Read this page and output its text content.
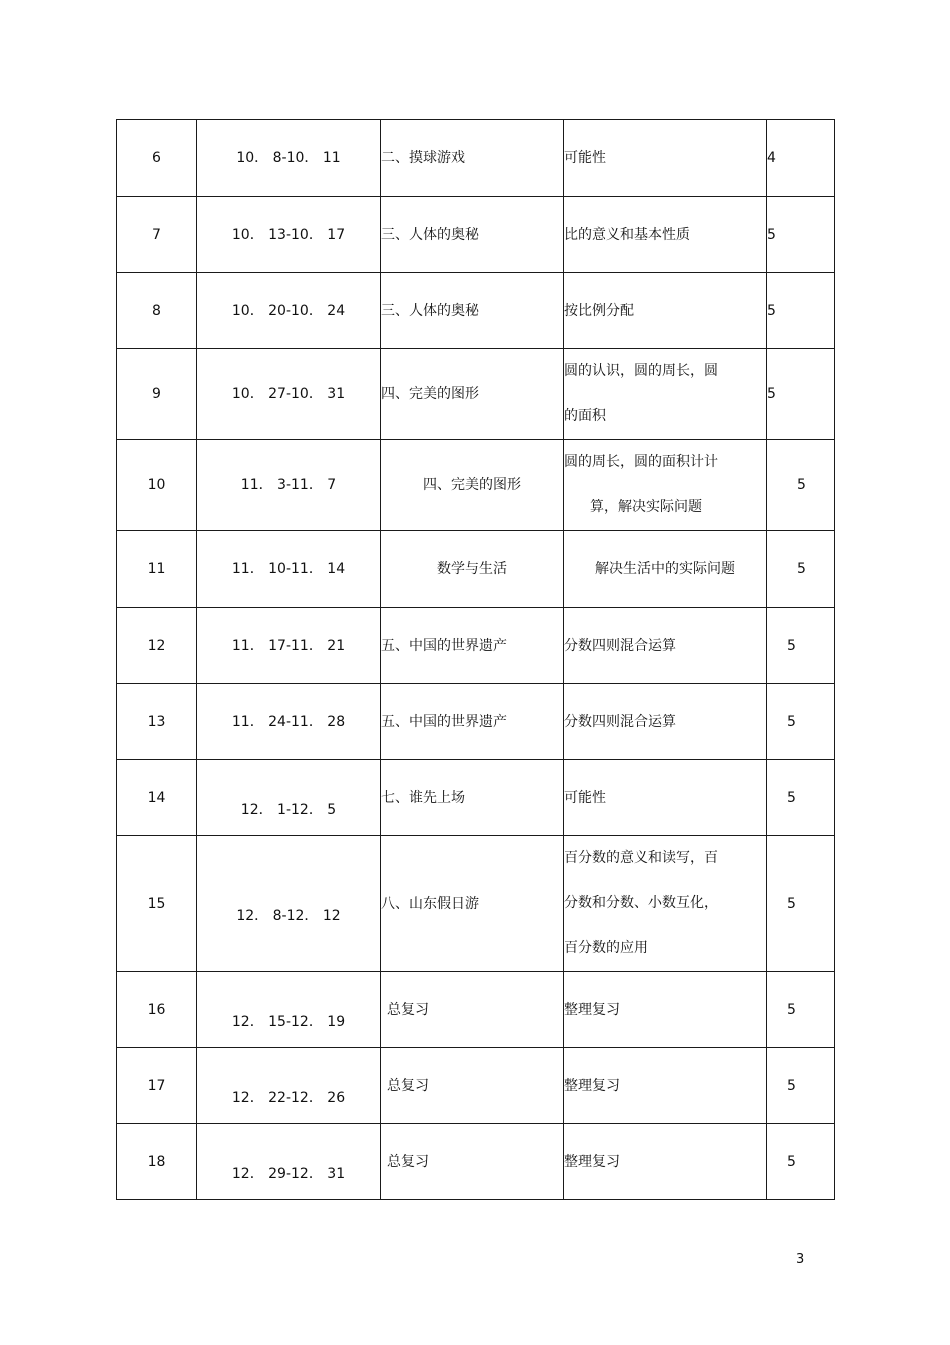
6	10． 8-10． 11	二、摸球游戏	可能性	4
7	10． 13-10． 17	三、人体的奥秘	比的意义和基本性质	5
8	10． 20-10． 24	三、人体的奥秘	按比例分配	5
9	10． 27-10． 31	四、完美的图形	圆的认识，圆的周长，圆
的面积	5
10	11． 3-11． 7	四、完美的图形	圆的周长，圆的面积计计
算，解决实际问题	5
11	11． 10-11． 14	数学与生活	解决生活中的实际问题	5
12	11． 17-11． 21	五、中国的世界遗产	分数四则混合运算	5
13	11． 24-11． 28	五、中国的世界遗产	分数四则混合运算	5
14	12． 1-12． 5	七、谁先上场	可能性	5
15	12． 8-12． 12	八、山东假日游	百分数的意义和读写，百
分数和分数、小数互化，
百分数的应用	5
16	12． 15-12． 19	总复习	整理复习	5
17	12． 22-12． 26	总复习	整理复习	5
18	12． 29-12． 31	总复习	整理复习	5
3
